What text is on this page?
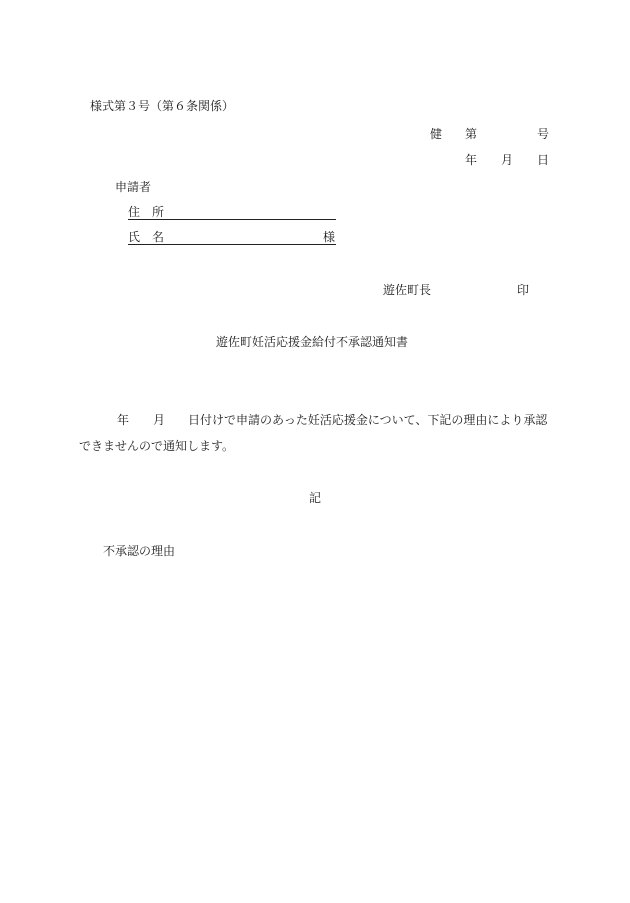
様式第３号（第６条関係）
健 第	号
年 月 日
申請者
住　所
氏　名	様
遊佐町長	印
遊佐町妊活応援金給付不承認通知書
年 月 日付けで申請のあった妊活応援金について、下記の理由により承認
できませんので通知します。
記
不承認の理由
